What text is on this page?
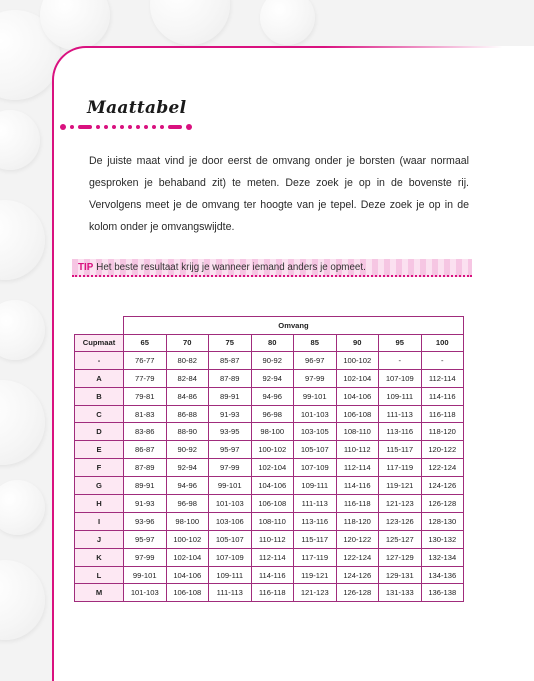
Maattabel

De juiste maat vind je door eerst de omvang onder je borsten (waar normaal gesproken je behaband zit) te meten. Deze zoek je op in de bovenste rij. Vervolgens meet je de omvang ter hoogte van je tepel. Deze zoek je op in de kolom onder je omvangswijdte.

TIP Het beste resultaat krijg je wanneer iemand anders je opmeet.
	Omvang							
Cupmaat	65	70	75	80	85	90	95	100
-	76-77	80-82	85-87	90-92	96-97	100-102	-	-
A	77-79	82-84	87-89	92-94	97-99	102-104	107-109	112-114
B	79-81	84-86	89-91	94-96	99-101	104-106	109-111	114-116
C	81-83	86-88	91-93	96-98	101-103	106-108	111-113	116-118
D	83-86	88-90	93-95	98-100	103-105	108-110	113-116	118-120
E	86-87	90-92	95-97	100-102	105-107	110-112	115-117	120-122
F	87-89	92-94	97-99	102-104	107-109	112-114	117-119	122-124
G	89-91	94-96	99-101	104-106	109-111	114-116	119-121	124-126
H	91-93	96-98	101-103	106-108	111-113	116-118	121-123	126-128
I	93-96	98-100	103-106	108-110	113-116	118-120	123-126	128-130
J	95-97	100-102	105-107	110-112	115-117	120-122	125-127	130-132
K	97-99	102-104	107-109	112-114	117-119	122-124	127-129	132-134
L	99-101	104-106	109-111	114-116	119-121	124-126	129-131	134-136
M	101-103	106-108	111-113	116-118	121-123	126-128	131-133	136-138
